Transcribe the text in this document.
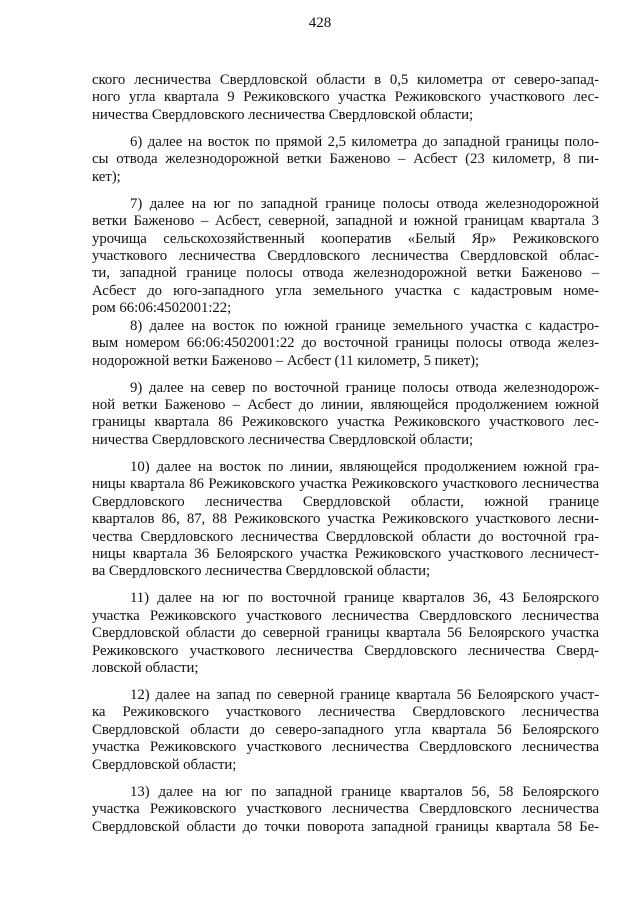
428
ского лесничества Свердловской области в 0,5 километра от северо-запад-
ного угла квартала 9 Режиковского участка Режиковского участкового лес-
ничества Свердловского лесничества Свердловской области;
6) далее на восток по прямой 2,5 километра до западной границы поло-
сы отвода железнодорожной ветки Баженово – Асбест (23 километр, 8 пи-
кет);
7) далее на юг по западной границе полосы отвода железнодорожной
ветки Баженово – Асбест, северной, западной и южной границам квартала 3
урочища сельскохозяйственный кооператив «Белый Яр» Режиковского
участкового лесничества Свердловского лесничества Свердловской облас-
ти, западной границе полосы отвода железнодорожной ветки Баженово –
Асбест до юго-западного угла земельного участка с кадастровым номе-
ром 66:06:4502001:22;
8) далее на восток по южной границе земельного участка с кадастро-
вым номером 66:06:4502001:22 до восточной границы полосы отвода желез-
нодорожной ветки Баженово – Асбест (11 километр, 5 пикет);
9) далее на север по восточной границе полосы отвода железнодорож-
ной ветки Баженово – Асбест до линии, являющейся продолжением южной
границы квартала 86 Режиковского участка Режиковского участкового лес-
ничества Свердловского лесничества Свердловской области;
10) далее на восток по линии, являющейся продолжением южной гра-
ницы квартала 86 Режиковского участка Режиковского участкового лесничества
Свердловского лесничества Свердловской области, южной границе
кварталов 86, 87, 88 Режиковского участка Режиковского участкового лесни-
чества Свердловского лесничества Свердловской области до восточной гра-
ницы квартала 36 Белоярского участка Режиковского участкового лесничест-
ва Свердловского лесничества Свердловской области;
11) далее на юг по восточной границе кварталов 36, 43 Белоярского
участка Режиковского участкового лесничества Свердловского лесничества
Свердловской области до северной границы квартала 56 Белоярского участка
Режиковского участкового лесничества Свердловского лесничества Сверд-
ловской области;
12) далее на запад по северной границе квартала 56 Белоярского участ-
ка Режиковского участкового лесничества Свердловского лесничества
Свердловской области до северо-западного угла квартала 56 Белоярского
участка Режиковского участкового лесничества Свердловского лесничества
Свердловской области;
13) далее на юг по западной границе кварталов 56, 58 Белоярского
участка Режиковского участкового лесничества Свердловского лесничества
Свердловской области до точки поворота западной границы квартала 58 Бе-
